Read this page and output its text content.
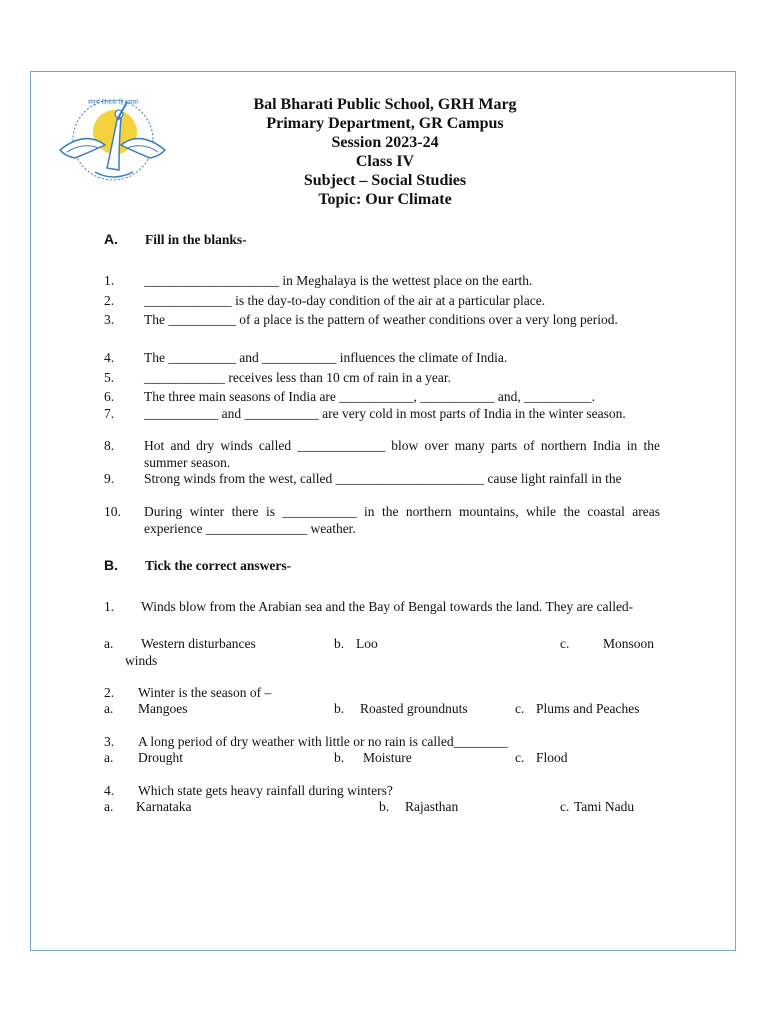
संपूर्ण विकास हि प्रयास	Bal Bharati Public School, GRH Marg
Primary Department, GR Campus
Session 2023-24
Class IV
Subject – Social Studies
Topic: Our Climate
A. Fill in the blanks-
1. ____________________ in Meghalaya is the wettest place on the earth.
2. _____________ is the day-to-day condition of the air at a particular place.
3. The __________ of a place is the pattern of weather conditions over a very long period.
4. The __________ and ___________ influences the climate of India.
5. ____________ receives less than 10 cm of rain in a year.
6. The three main seasons of India are ___________, ___________ and, __________.
7. ___________ and ___________ are very cold in most parts of India in the winter season.
8. Hot and dry winds called _____________ blow over many parts of northern India in the summer season.
9. Strong winds from the west, called ______________________ cause light rainfall in the
10. During winter there is ___________ in the northern mountains, while the coastal areas experience _______________ weather.
B. Tick the correct answers-
1.	Winds blow from the Arabian sea and the Bay of Bengal towards the land. They are called-
a. Western disturbances	b. Loo	c.	Monsoon winds
2. Winter is the season of –
a. Mangoes	b. Roasted groundnuts	c. Plums and Peaches
3. A long period of dry weather with little or no rain is called________
a. Drought	b. Moisture	c. Flood
4. Which state gets heavy rainfall during winters?
a. Karnataka	b. Rajasthan	c. Tami Nadu
